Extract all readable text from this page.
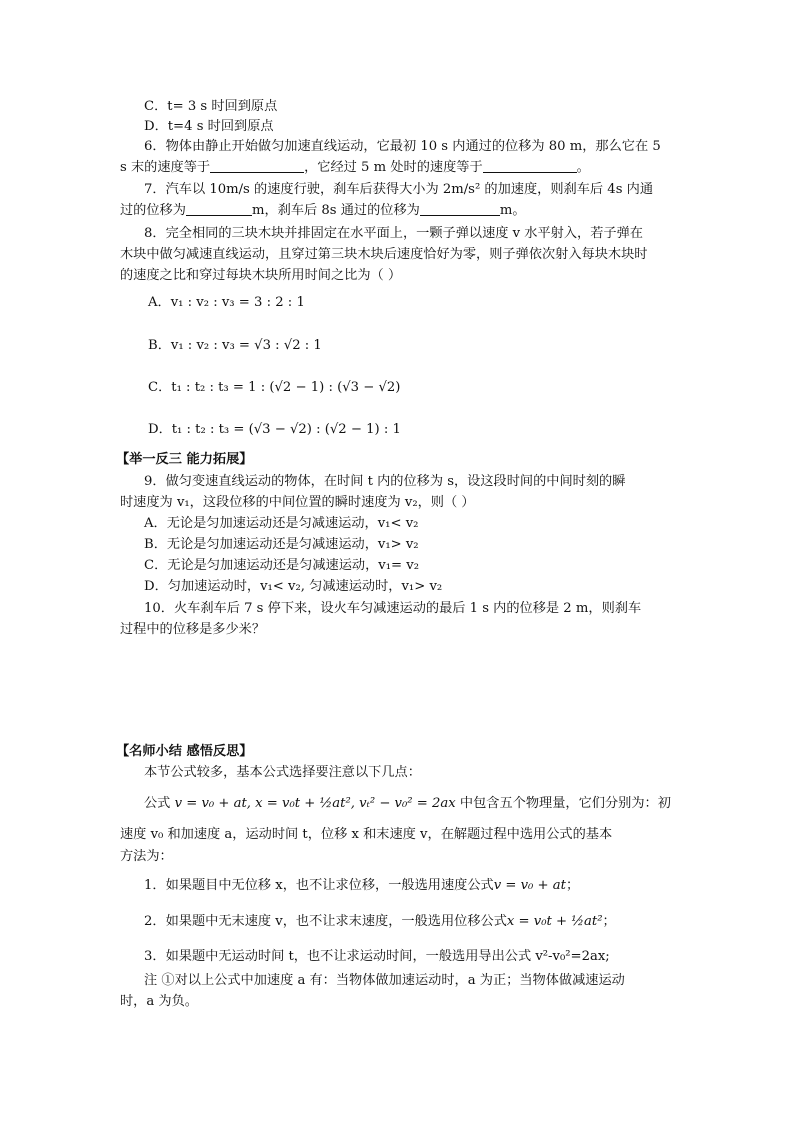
C．t= 3 s 时回到原点
D．t=4 s 时回到原点
6．物体由静止开始做匀加速直线运动，它最初 10 s 内通过的位移为 80 m，那么它在 5
s 末的速度等于	，它经过 5 m 处时的速度等于	。
7．汽车以 10m/s 的速度行驶，刹车后获得大小为 2m/s² 的加速度，则刹车后 4s 内通
过的位移为	m，刹车后 8s 通过的位移为	m。
8．完全相同的三块木块并排固定在水平面上，一颗子弹以速度 v 水平射入，若子弹在
木块中做匀减速直线运动，且穿过第三块木块后速度恰好为零，则子弹依次射入每块木块时
的速度之比和穿过每块木块所用时间之比为（ ）
A．v₁ : v₂ : v₃ = 3 : 2 : 1
B．v₁ : v₂ : v₃ = √3 : √2 : 1
C．t₁ : t₂ : t₃ = 1 : (√2 − 1) : (√3 − √2)
D．t₁ : t₂ : t₃ = (√3 − √2) : (√2 − 1) : 1
【举一反三 能力拓展】
9．做匀变速直线运动的物体，在时间 t 内的位移为 s，设这段时间的中间时刻的瞬
时速度为 v₁，这段位移的中间位置的瞬时速度为 v₂，则（ ）
A．无论是匀加速运动还是匀减速运动，v₁< v₂
B．无论是匀加速运动还是匀减速运动，v₁> v₂
C．无论是匀加速运动还是匀减速运动，v₁= v₂
D．匀加速运动时，v₁< v₂, 匀减速运动时，v₁> v₂
10．火车刹车后 7 s 停下来，设火车匀减速运动的最后 1 s 内的位移是 2 m，则刹车
过程中的位移是多少米？
【名师小结 感悟反思】
本节公式较多，基本公式选择要注意以下几点：
公式 v = v₀ + at, x = v₀t + ½at², vₜ² − v₀² = 2ax 中包含五个物理量，它们分别为：初
速度 v₀ 和加速度 a，运动时间 t，位移 x 和末速度 v，在解题过程中选用公式的基本
方法为：
1．如果题目中无位移 x，也不让求位移，一般选用速度公式v = v₀ + at；
2．如果题中无末速度 v，也不让求末速度，一般选用位移公式x = v₀t + ½at²；
3．如果题中无运动时间 t，也不让求运动时间，一般选用导出公式 v²-v₀²=2ax;
注 ①对以上公式中加速度 a 有：当物体做加速运动时，a 为正；当物体做减速运动
时，a 为负。
